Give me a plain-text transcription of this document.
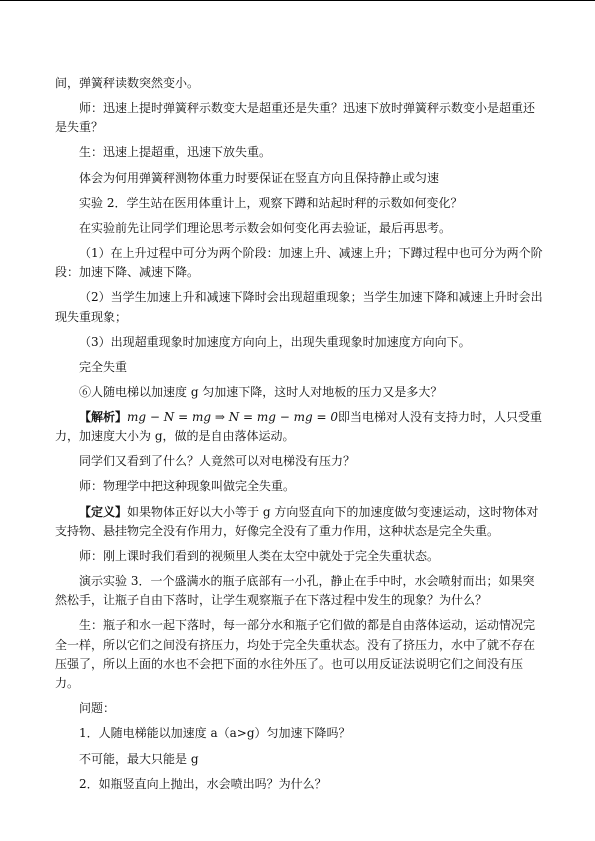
间，弹簧秤读数突然变小。

师：迅速上提时弹簧秤示数变大是超重还是失重？迅速下放时弹簧秤示数变小是超重还是失重？

生：迅速上提超重，迅速下放失重。

体会为何用弹簧秤测物体重力时要保证在竖直方向且保持静止或匀速

实验 2．学生站在医用体重计上，观察下蹲和站起时秤的示数如何变化？

在实验前先让同学们理论思考示数会如何变化再去验证，最后再思考。

（1）在上升过程中可分为两个阶段：加速上升、减速上升；下蹲过程中也可分为两个阶段：加速下降、减速下降。

（2）当学生加速上升和减速下降时会出现超重现象；当学生加速下降和减速上升时会出现失重现象；

（3）出现超重现象时加速度方向向上，出现失重现象时加速度方向向下。

完全失重

⑥人随电梯以加速度 g 匀加速下降，这时人对地板的压力又是多大？

【解析】mg − N = mg ⇒ N = mg − mg = 0即当电梯对人没有支持力时，人只受重力，加速度大小为 g，做的是自由落体运动。

同学们又看到了什么？人竟然可以对电梯没有压力？

师：物理学中把这种现象叫做完全失重。

【定义】如果物体正好以大小等于 g 方向竖直向下的加速度做匀变速运动，这时物体对支持物、悬挂物完全没有作用力，好像完全没有了重力作用，这种状态是完全失重。

师：刚上课时我们看到的视频里人类在太空中就处于完全失重状态。

演示实验 3．一个盛满水的瓶子底部有一小孔，静止在手中时，水会喷射而出；如果突然松手，让瓶子自由下落时，让学生观察瓶子在下落过程中发生的现象？为什么？

生：瓶子和水一起下落时，每一部分水和瓶子它们做的都是自由落体运动，运动情况完全一样，所以它们之间没有挤压力，均处于完全失重状态。没有了挤压力，水中了就不存在压强了，所以上面的水也不会把下面的水往外压了。也可以用反证法说明它们之间没有压力。

问题：

1．人随电梯能以加速度 a（a>g）匀加速下降吗？

不可能，最大只能是 g

2．如瓶竖直向上抛出，水会喷出吗？为什么？
